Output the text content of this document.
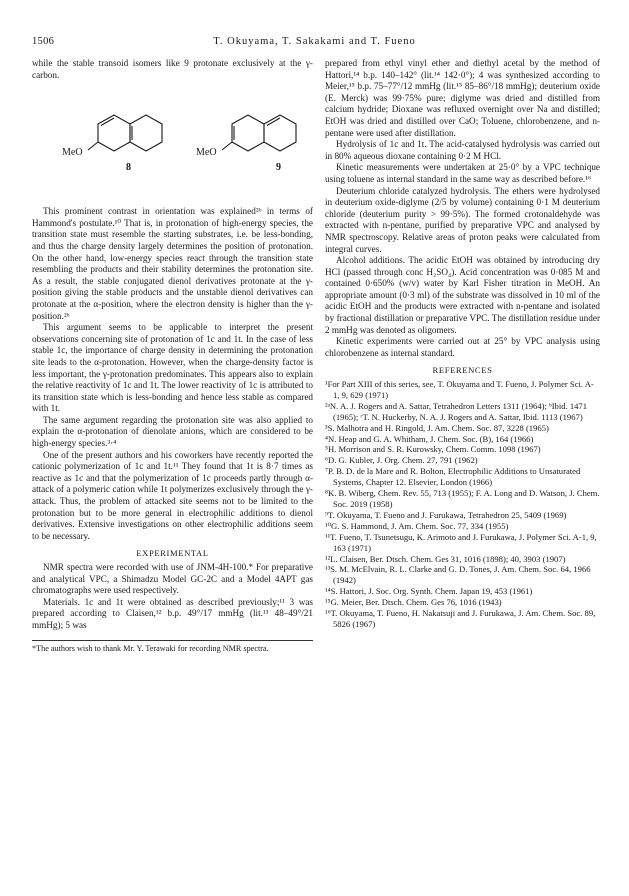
1506	T. Okuyama, T. Sakakami and T. Fueno

while the stable transoid isomers like 9 protonate exclusively at the γ-carbon.

MeO	MeO
8	9

This prominent contrast in orientation was explained²ᵇ in terms of Hammond's postulate.¹⁰ That is, in protonation of high-energy species, the transition state must resemble the starting substrates, i.e. be less-bonding, and thus the charge density largely determines the position of protonation. On the other hand, low-energy species react through the transition state resembling the products and their stability determines the protonation site. As a result, the stable conjugated dienol derivatives protonate at the γ-position giving the stable products and the unstable dienol derivatives can protonate at the α-position, where the electron density is higher than the γ-position.²ᵇ

This argument seems to be applicable to interpret the present observations concerning site of protonation of 1c and 1t. In the case of less stable 1c, the importance of charge density in determining the protonation site leads to the α-protonation. However, when the charge-density factor is less important, the γ-protonation predominates. This appears also to explain the relative reactivity of 1c and 1t. The lower reactivity of 1c is attributed to its transition state which is less-bonding and hence less stable as compared with 1t.

The same argument regarding the protonation site was also applied to explain the α-protonation of dienolate anions, which are considered to be high-energy species.³·⁴

One of the present authors and his coworkers have recently reported the cationic polymerization of 1c and 1t.¹¹ They found that 1t is 8·7 times as reactive as 1c and that the polymerization of 1c proceeds partly through α-attack of a polymeric cation while 1t polymerizes exclusively through the γ-attack. Thus, the problem of attacked site seems not to be limited to the protonation but to be more general in electrophilic additions to dienol derivatives. Extensive investigations on other electrophilic additions seem to be necessary.

EXPERIMENTAL

NMR spectra were recorded with use of JNM-4H-100.* For preparative and analytical VPC, a Shimadzu Model GC-2C and a Model 4APT gas chromatographs were used respectively.

Materials. 1c and 1t were obtained as described previously;¹¹ 3 was prepared according to Claisen,¹² b.p. 49°/17 mmHg (lit.¹³ 48–49°/21 mmHg); 5 was

*The authors wish to thank Mr. Y. Terawaki for recording NMR spectra.

prepared from ethyl vinyl ether and diethyl acetal by the method of Hattori,¹⁴ b.p. 140–142° (lit.¹⁴ 142·0°); 4 was synthesized according to Meier,¹⁵ b.p. 75–77°/12 mmHg (lit.¹⁵ 85–86°/18 mmHg); deuterium oxide (E. Merck) was 99·75% pure; diglyme was dried and distilled from calcium hydride; Dioxane was refluxed overnight over Na and distilled; EtOH was dried and distilled over CaO; Toluene, chlorobenzene, and n-pentane were used after distillation.

Hydrolysis of 1c and 1t. The acid-catalysed hydrolysis was carried out in 80% aqueous dioxane containing 0·2 M HCl.

Kinetic measurements were undertaken at 25·0° by a VPC technique using toluene as internal standard in the same way as described before.¹⁶

Deuterium chloride catalyzed hydrolysis. The ethers were hydrolysed in deuterium oxide-diglyme (2/5 by volume) containing 0·1 M deuterium chloride (deuterium purity > 99·5%). The formed crotonaldehyde was extracted with n-pentane, purified by preparative VPC and analysed by NMR spectroscopy. Relative areas of proton peaks were calculated from integral curves.

Alcohol additions. The acidic EtOH was obtained by introducing dry HCl (passed through conc H₂SO₄). Acid concentration was 0·085 M and contained 0·650% (w/v) water by Karl Fisher titration in MeOH. An appropriate amount (0·3 ml) of the substrate was dissolved in 10 ml of the acidic EtOH and the products were extracted with n-pentane and isolated by fractional distillation or preparative VPC. The distillation residue under 2 mmHg was denoted as oligomers.

Kinetic experiments were carried out at 25° by VPC analysis using chlorobenzene as internal standard.

REFERENCES
¹For Part XIII of this series, see, T. Okuyama and T. Fueno, J. Polymer Sci. A-1, 9, 629 (1971)
²ᵃN. A. J. Rogers and A. Sattar, Tetrahedron Letters 1311 (1964); ᵇIbid. 1471 (1965); ᶜT. N. Huckerby, N. A. J. Rogers and A. Sattar, Ibid. 1113 (1967)
³S. Malhotra and H. Ringold, J. Am. Chem. Soc. 87, 3228 (1965)
⁴N. Heap and G. A. Whitham, J. Chem. Soc. (B), 164 (1966)
⁵H. Morrison and S. R. Kurowsky, Chem. Comm. 1098 (1967)
⁶D. G. Kubler, J. Org. Chem. 27, 791 (1962)
⁷P. B. D. de la Mare and R. Bolton, Electrophilic Additions to Unsaturated Systems, Chapter 12. Elsevier, London (1966)
⁸K. B. Wiberg, Chem. Rev. 55, 713 (1955); F. A. Long and D. Watson, J. Chem. Soc. 2019 (1958)
⁹T. Okuyama, T. Fueno and J. Furukawa, Tetrahedron 25, 5409 (1969)
¹⁰G. S. Hammond, J. Am. Chem. Soc. 77, 334 (1955)
¹¹T. Fueno, T. Tsunetsugu, K. Arimoto and J. Furukawa, J. Polymer Sci. A-1, 9, 163 (1971)
¹²L. Claisen, Ber. Dtsch. Chem. Ges 31, 1016 (1898); 40, 3903 (1907)
¹³S. M. McElvain, R. L. Clarke and G. D. Tones, J. Am. Chem. Soc. 64, 1966 (1942)
¹⁴S. Hattori, J. Soc. Org. Synth. Chem. Japan 19, 453 (1961)
¹⁵G. Meier, Ber. Dtsch. Chem. Ges 76, 1016 (1943)
¹⁶T. Okuyama, T. Fueno, H. Nakatsuji and J. Furukawa, J. Am. Chem. Soc. 89, 5826 (1967)
